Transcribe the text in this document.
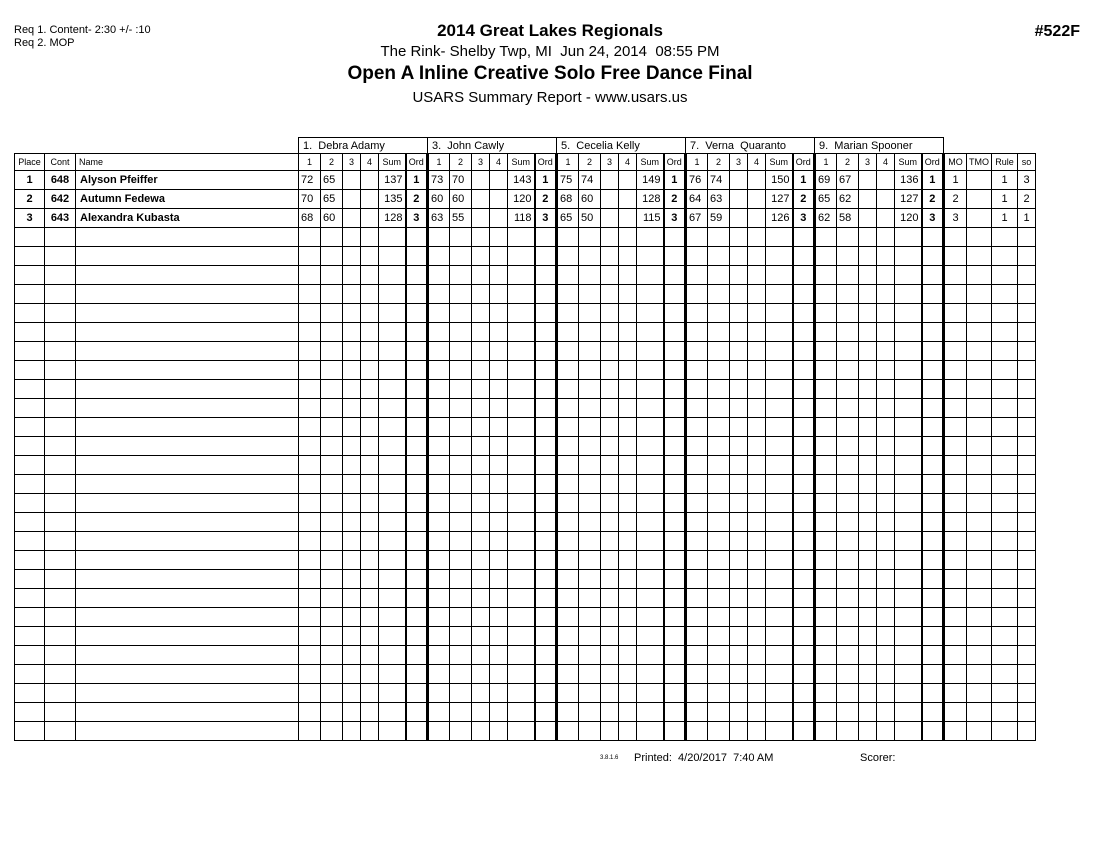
Req 1. Content- 2:30 +/- :10
Req 2. MOP
#522F
2014 Great Lakes Regionals
The Rink- Shelby Twp, MI  Jun 24, 2014  08:55 PM
Open A Inline Creative Solo Free Dance Final
USARS Summary Report - www.usars.us
			1.  Debra Adamy						3.  John Cawly						5.  Cecelia Kelly						7.  Verna  Quaranto						9.  Marian Spooner									
Place	Cont	Name	1	2	3	4	Sum	Ord	1	2	3	4	Sum	Ord	1	2	3	4	Sum	Ord	1	2	3	4	Sum	Ord	1	2	3	4	Sum	Ord	MO	TMO	Rule	so
1	648	Alyson Pfeiffer	72	65			137	1	73	70			143	1	75	74			149	1	76	74			150	1	69	67			136	1	1		1	3
2	642	Autumn Fedewa	70	65			135	2	60	60			120	2	68	60			128	2	64	63			127	2	65	62			127	2	2		1	2
3	643	Alexandra Kubasta	68	60			128	3	63	55			118	3	65	50			115	3	67	59			126	3	62	58			120	3	3		1	1

3.8.1.6 Printed:  4/20/2017  7:40 AM	Scorer:
